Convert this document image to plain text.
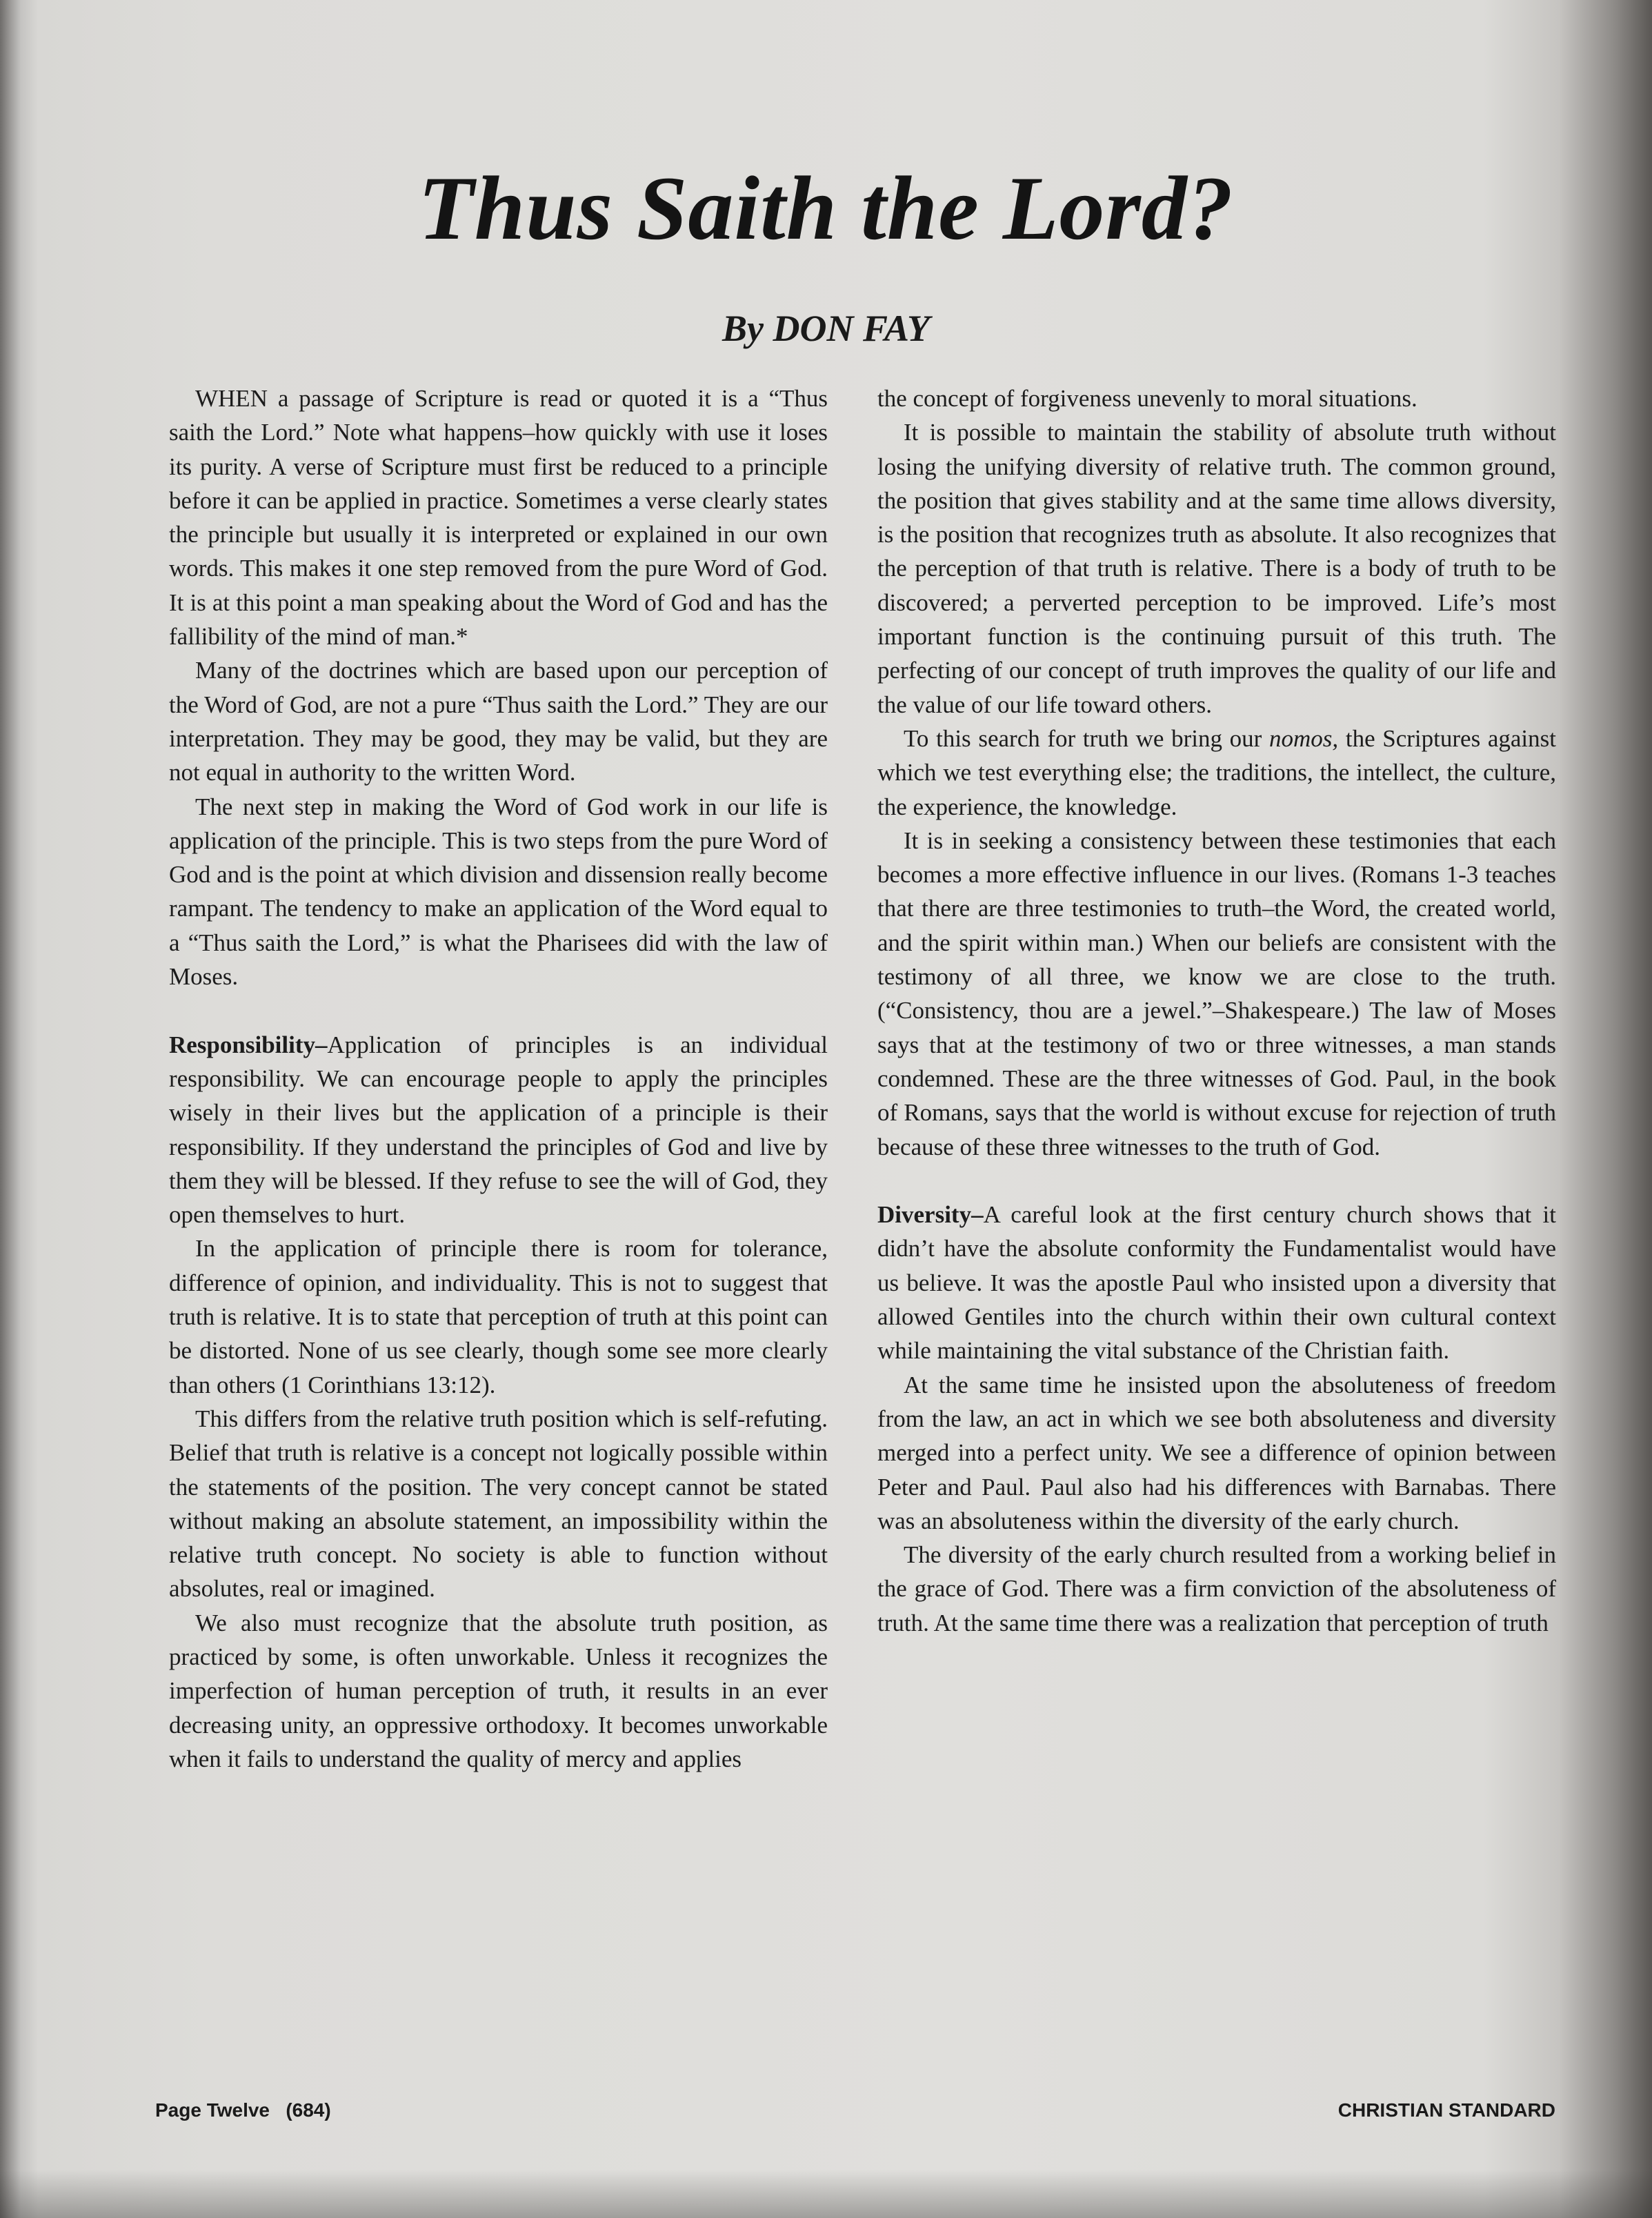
Thus Saith the Lord?
By DON FAY

WHEN a passage of Scripture is read or quoted it is a “Thus saith the Lord.” Note what happens–how quickly with use it loses its purity. A verse of Scripture must first be reduced to a principle before it can be applied in practice. Sometimes a verse clearly states the principle but usually it is interpreted or explained in our own words. This makes it one step removed from the pure Word of God. It is at this point a man speaking about the Word of God and has the fallibility of the mind of man.*

Many of the doctrines which are based upon our perception of the Word of God, are not a pure “Thus saith the Lord.” They are our interpretation. They may be good, they may be valid, but they are not equal in authority to the written Word.

The next step in making the Word of God work in our life is application of the principle. This is two steps from the pure Word of God and is the point at which division and dissension really become rampant. The tendency to make an application of the Word equal to a “Thus saith the Lord,” is what the Pharisees did with the law of Moses.

Responsibility–Application of principles is an individual responsibility. We can encourage people to apply the principles wisely in their lives but the application of a principle is their responsibility. If they understand the principles of God and live by them they will be blessed. If they refuse to see the will of God, they open themselves to hurt.

In the application of principle there is room for tolerance, difference of opinion, and individuality. This is not to suggest that truth is relative. It is to state that perception of truth at this point can be distorted. None of us see clearly, though some see more clearly than others (1 Corinthians 13:12).

This differs from the relative truth position which is self-refuting. Belief that truth is relative is a concept not logically possible within the statements of the position. The very concept cannot be stated without making an absolute statement, an impossibility within the relative truth concept. No society is able to function without absolutes, real or imagined.

We also must recognize that the absolute truth position, as practiced by some, is often unworkable. Unless it recognizes the imperfection of human perception of truth, it results in an ever decreasing unity, an oppressive orthodoxy. It becomes unworkable when it fails to understand the quality of mercy and applies

the concept of forgiveness unevenly to moral situations.

It is possible to maintain the stability of absolute truth without losing the unifying diversity of relative truth. The common ground, the position that gives stability and at the same time allows diversity, is the position that recognizes truth as absolute. It also recognizes that the perception of that truth is relative. There is a body of truth to be discovered; a perverted perception to be improved. Life’s most important function is the continuing pursuit of this truth. The perfecting of our concept of truth improves the quality of our life and the value of our life toward others.

To this search for truth we bring our nomos, the Scriptures against which we test everything else; the traditions, the intellect, the culture, the experience, the knowledge.

It is in seeking a consistency between these testimonies that each becomes a more effective influence in our lives. (Romans 1-3 teaches that there are three testimonies to truth–the Word, the created world, and the spirit within man.) When our beliefs are consistent with the testimony of all three, we know we are close to the truth. (“Consistency, thou are a jewel.”–Shakespeare.) The law of Moses says that at the testimony of two or three witnesses, a man stands condemned. These are the three witnesses of God. Paul, in the book of Romans, says that the world is without excuse for rejection of truth because of these three witnesses to the truth of God.

Diversity–A careful look at the first century church shows that it didn’t have the absolute conformity the Fundamentalist would have us believe. It was the apostle Paul who insisted upon a diversity that allowed Gentiles into the church within their own cultural context while maintaining the vital substance of the Christian faith.

At the same time he insisted upon the absoluteness of freedom from the law, an act in which we see both absoluteness and diversity merged into a perfect unity. We see a difference of opinion between Peter and Paul. Paul also had his differences with Barnabas. There was an absoluteness within the diversity of the early church.

The diversity of the early church resulted from a working belief in the grace of God. There was a firm conviction of the absoluteness of truth. At the same time there was a realization that perception of truth

Page Twelve   (684)	CHRISTIAN STANDARD
